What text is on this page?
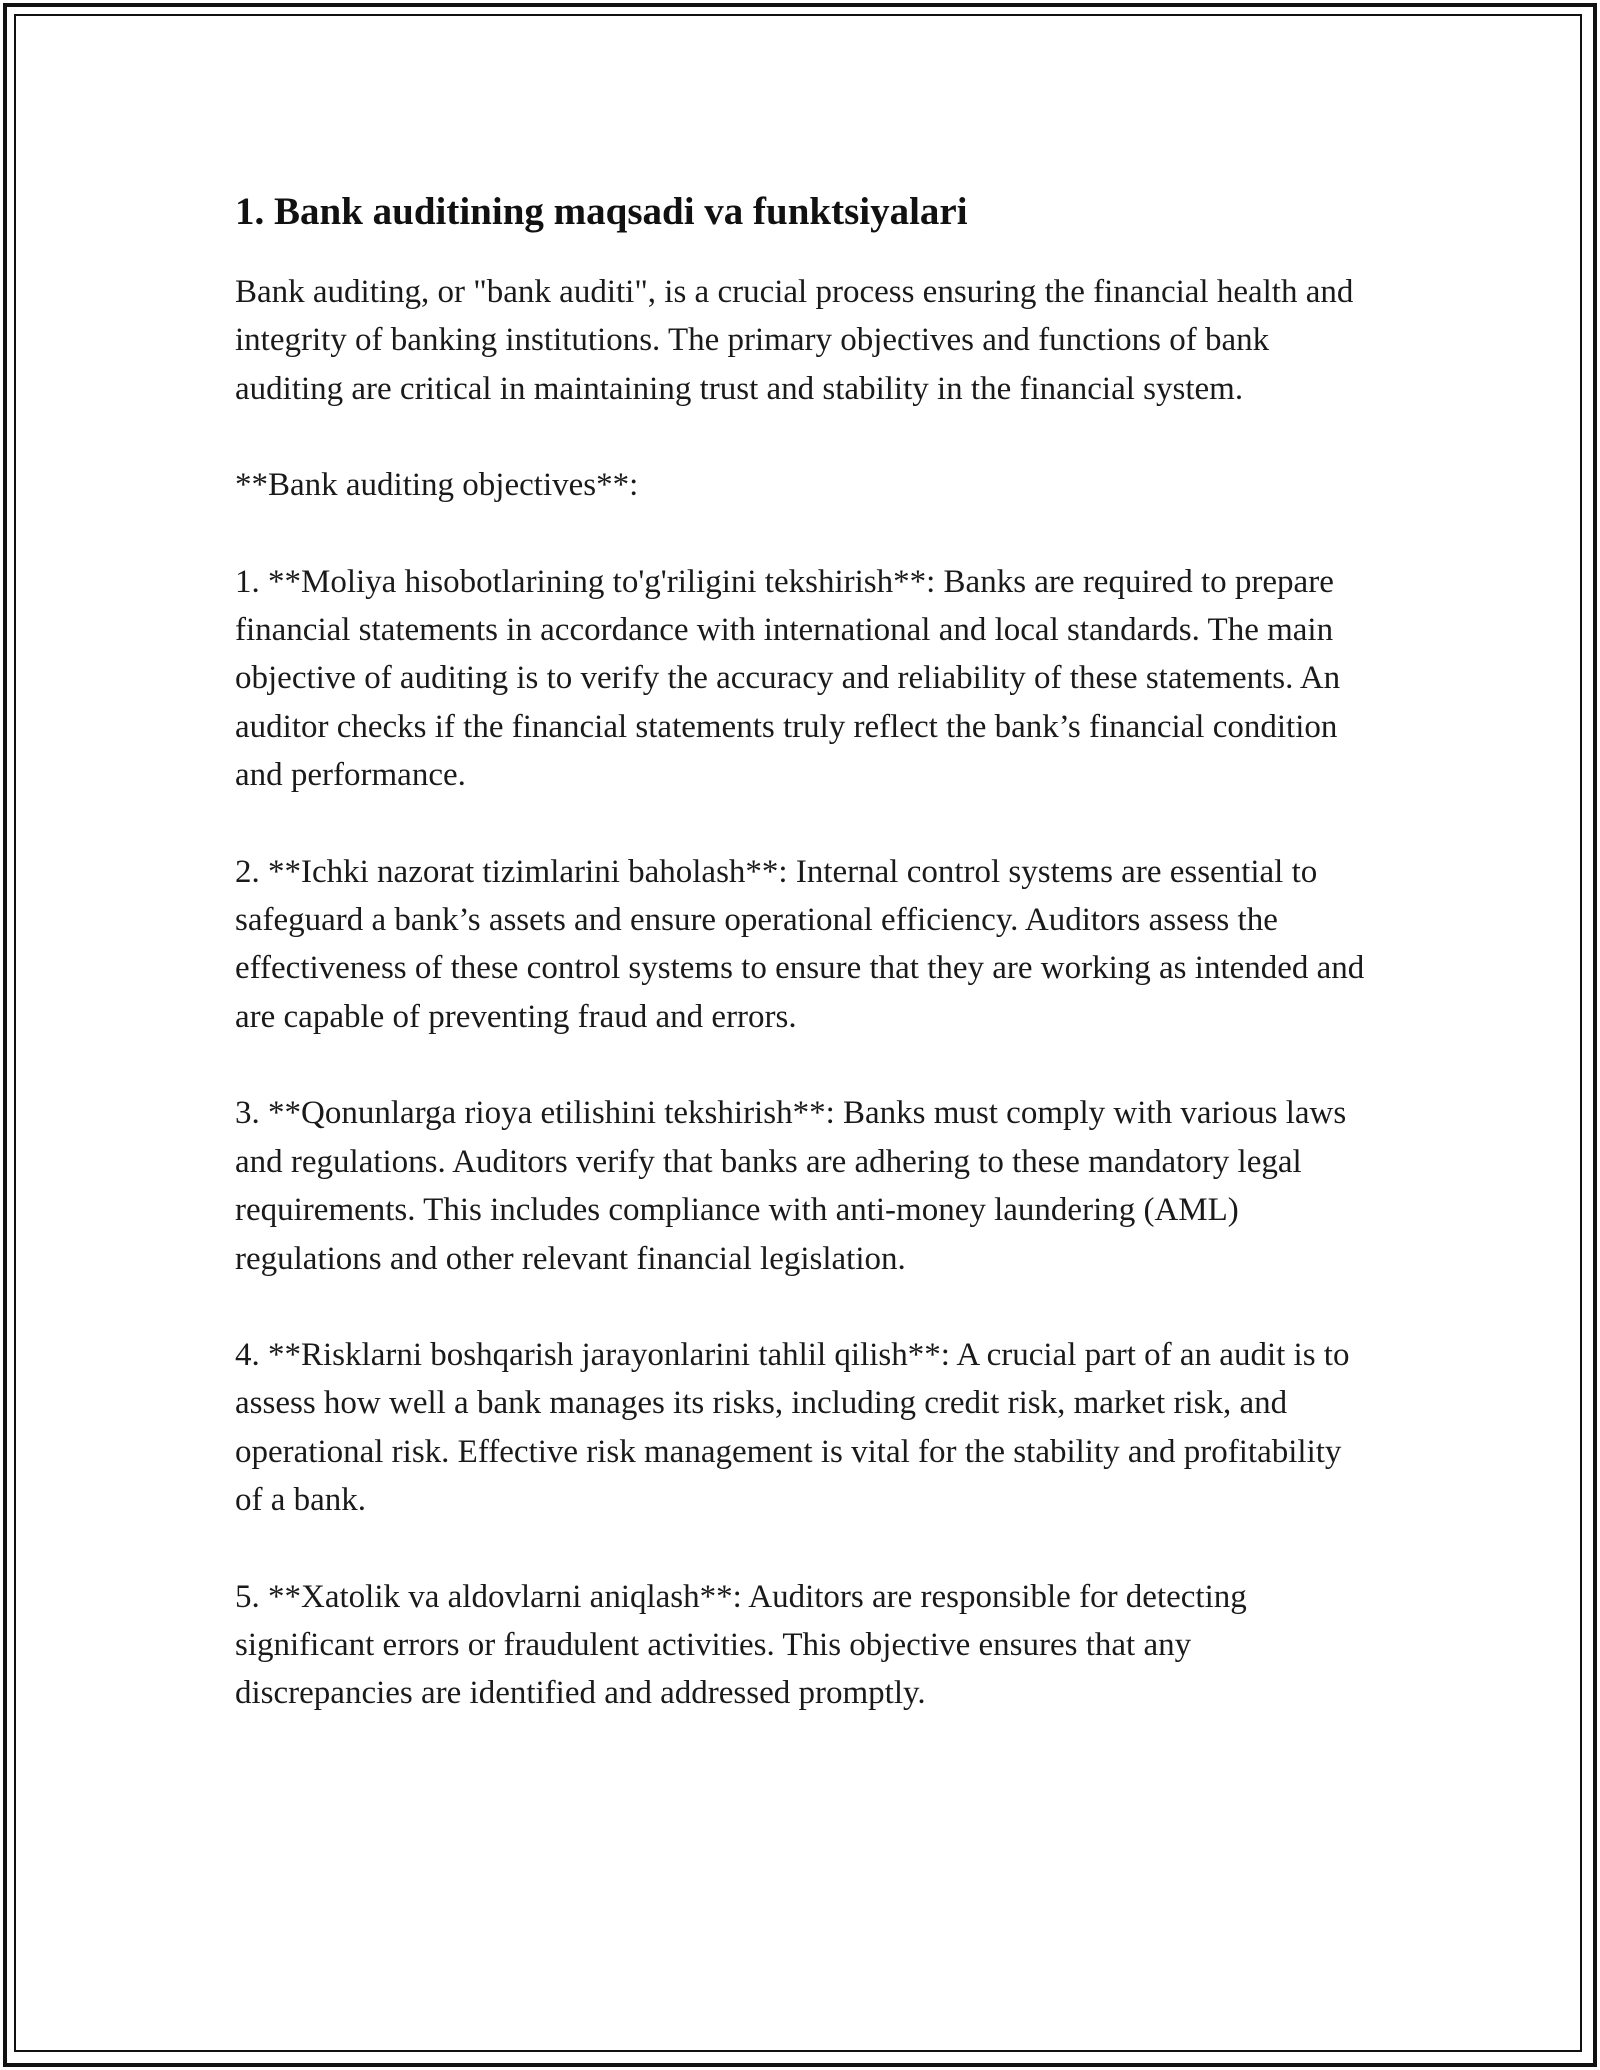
1. Bank auditining maqsadi va funktsiyalari

Bank auditing, or "bank auditi", is a crucial process ensuring the financial health and integrity of banking institutions. The primary objectives and functions of bank auditing are critical in maintaining trust and stability in the financial system.

**Bank auditing objectives**:

1. **Moliya hisobotlarining to'g'riligini tekshirish**: Banks are required to prepare financial statements in accordance with international and local standards. The main objective of auditing is to verify the accuracy and reliability of these statements. An auditor checks if the financial statements truly reflect the bank’s financial condition and performance.

2. **Ichki nazorat tizimlarini baholash**: Internal control systems are essential to safeguard a bank’s assets and ensure operational efficiency. Auditors assess the effectiveness of these control systems to ensure that they are working as intended and are capable of preventing fraud and errors.

3. **Qonunlarga rioya etilishini tekshirish**: Banks must comply with various laws and regulations. Auditors verify that banks are adhering to these mandatory legal requirements. This includes compliance with anti-money laundering (AML) regulations and other relevant financial legislation.

4. **Risklarni boshqarish jarayonlarini tahlil qilish**: A crucial part of an audit is to assess how well a bank manages its risks, including credit risk, market risk, and operational risk. Effective risk management is vital for the stability and profitability of a bank.

5. **Xatolik va aldovlarni aniqlash**: Auditors are responsible for detecting significant errors or fraudulent activities. This objective ensures that any discrepancies are identified and addressed promptly.
